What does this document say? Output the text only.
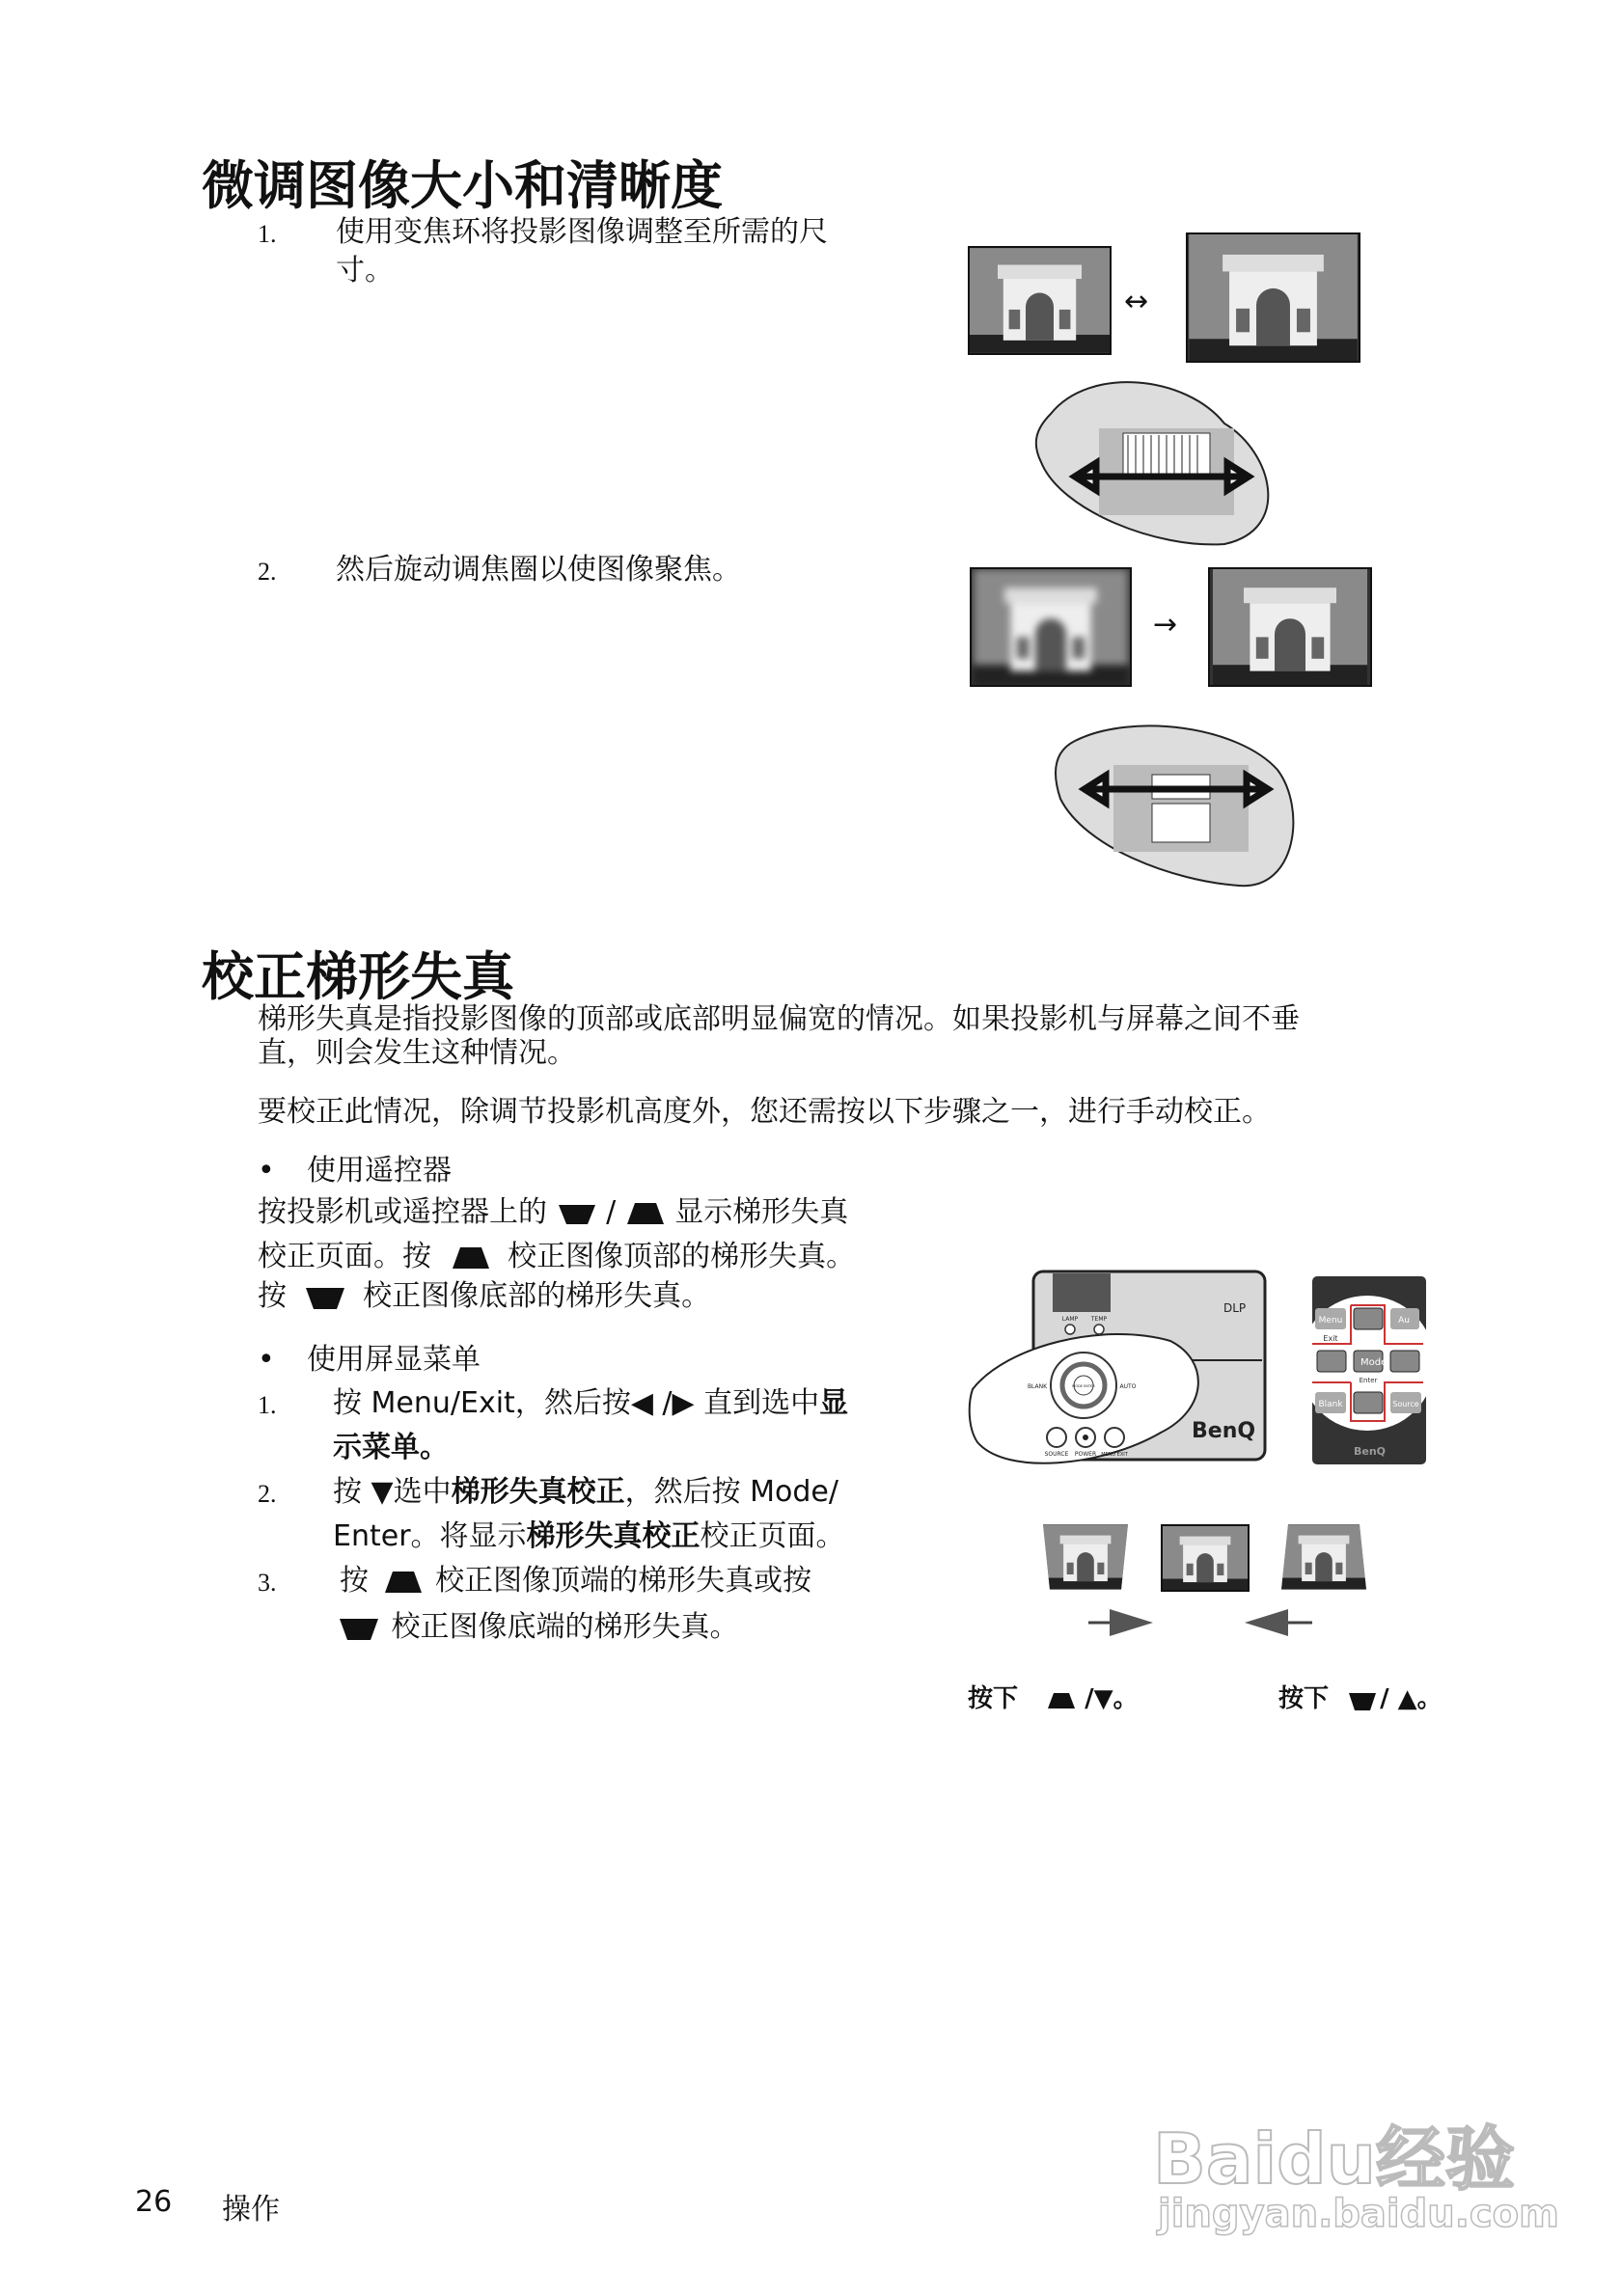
微调图像大小和清晰度
1. 使用变焦环将投影图像调整至所需的尺
寸。
↔
2. 然后旋动调焦圈以使图像聚焦。
→
校正梯形失真
梯形失真是指投影图像的顶部或底部明显偏宽的情况。如果投影机与屏幕之间不垂
直，则会发生这种情况。
要校正此情况，除调节投影机高度外，您还需按以下步骤之一，进行手动校正。
• 使用遥控器
按投影机或遥控器上的 / 显示梯形失真
校正页面。按	校正图像顶部的梯形失真。
按	校正图像底部的梯形失真。
• 使用屏显菜单
1. 按 Menu/Exit，然后按◀ /▶ 直到选中显
示菜单。
2. 按 ▼选中梯形失真校正，然后按 Mode/
Enter。将显示梯形失真校正校正页面。
3. 按 校正图像顶端的梯形失真或按
校正图像底端的梯形失真。
LAMP TEMP
BLANK	AUTO
MODE ENTER
SOURCE POWER MENU EXIT
BenQ
DLP
Menu
Exit
Au
Mode
Enter
Blank	Source
BenQ
按下	/▼。	按下 / ▲。
26 操作
Baidu经验
jingyan.baidu.com
